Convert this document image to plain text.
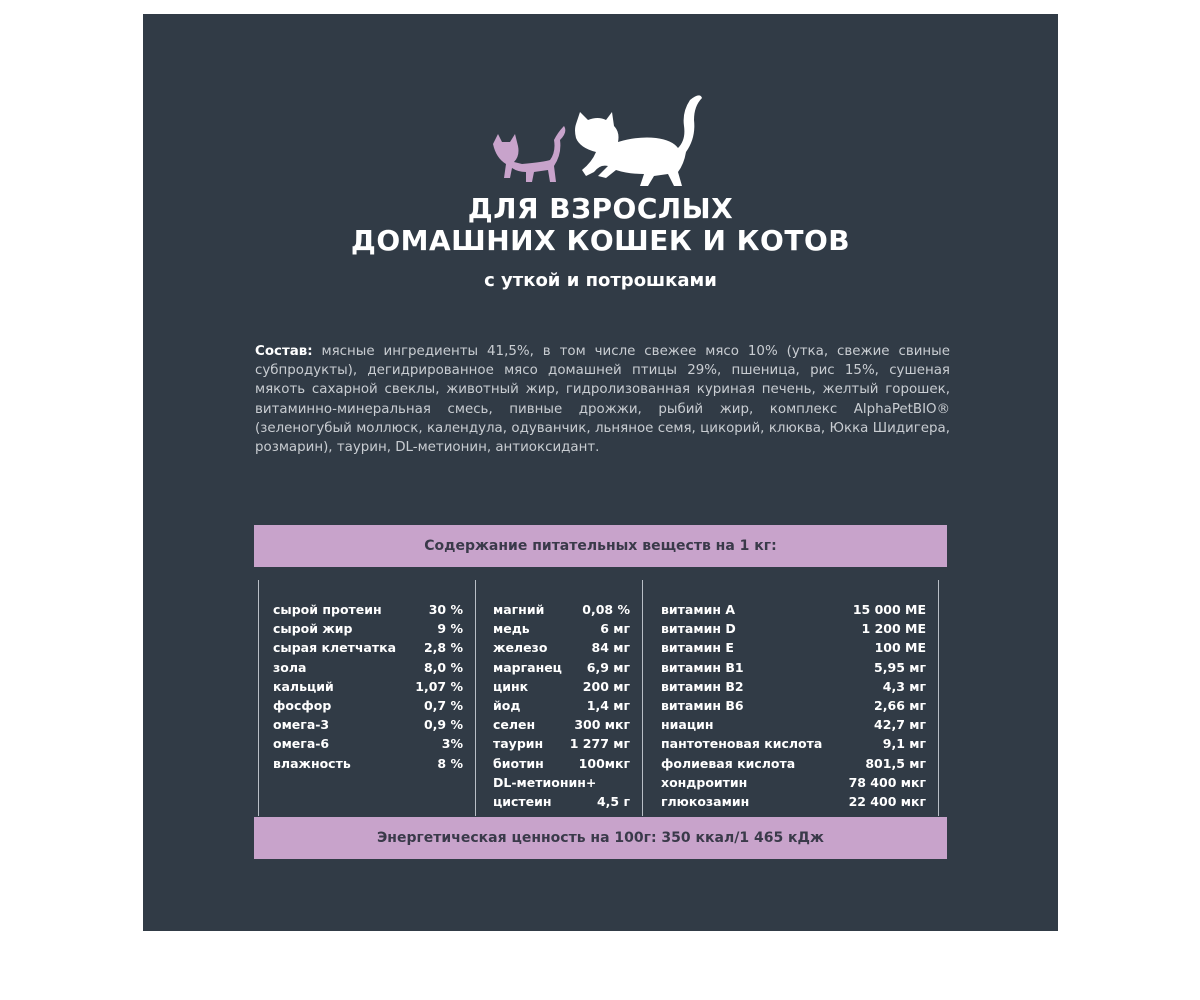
ДЛЯ ВЗРОСЛЫХ
ДОМАШНИХ КОШЕК И КОТОВ
с уткой и потрошками
Состав: мясные ингредиенты 41,5%, в том числе свежее мясо 10% (утка, свежие свиные субпродукты), дегидрированное мясо домашней птицы 29%, пшеница, рис 15%, сушеная мякоть сахарной свеклы, животный жир, гидролизованная куриная печень, желтый горошек, витаминно-минеральная смесь, пивные дрожжи, рыбий жир, комплекс AlphaPetBIO® (зеленогубый моллюск, календула, одуванчик, льняное семя, цикорий, клюква, Юкка Шидигера, розмарин), таурин, DL-метионин, антиоксидант.
Содержание питательных веществ на 1 кг:
сырой протеин	30 %
сырой жир	9 %
сырая клетчатка 2,8 %
зола	8,0 %
кальций	1,07 %
фосфор	0,7 %
омега-3	0,9 %
омега-6	3%
влажность	8 %
магний	0,08 %
медь	6 мг
железо	84 мг
марганец 6,9 мг
цинк	200 мг
йод	1,4 мг
селен	300 мкг
таурин 1 277 мг
биотин	100мкг
DL-метионин+
цистеин	4,5 г
витамин А	15 000 МЕ
витамин D	1 200 МЕ
витамин Е	100 МЕ
витамин В1	5,95 мг
витамин В2	4,3 мг
витамин В6	2,66 мг
ниацин	42,7 мг
пантотеновая кислота	9,1 мг
фолиевая кислота	801,5 мг
хондроитин	78 400 мкг
глюкозамин	22 400 мкг
Энергетическая ценность на 100г: 350 ккал/1 465 кДж
